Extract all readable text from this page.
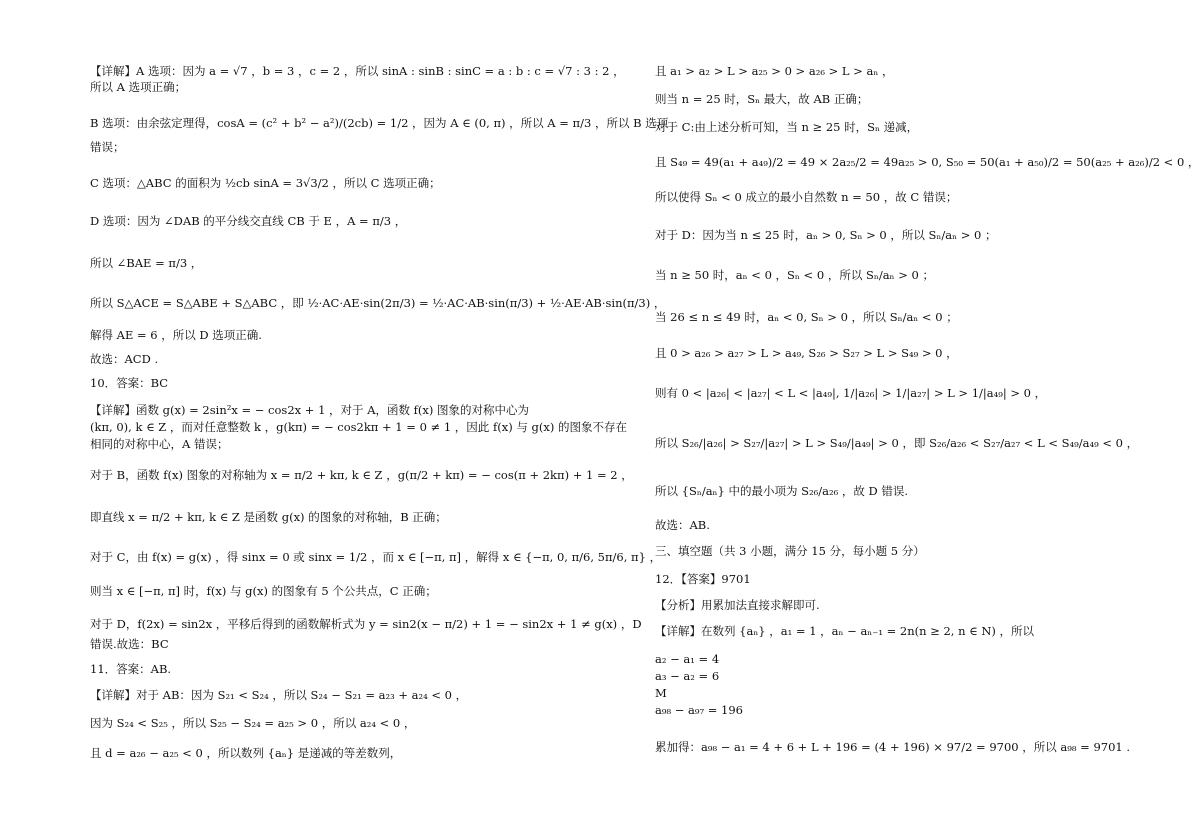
【详解】A 选项：因为 a = √7 ，b = 3 ，c = 2 ，所以 sinA : sinB : sinC = a : b : c = √7 : 3 : 2 ，
所以 A 选项正确；
B 选项：由余弦定理得，cosA = (c² + b² − a²)/(2cb) = 1/2 ，因为 A ∈ (0, π) ，所以 A = π/3 ，所以 B 选项
错误；
C 选项：△ABC 的面积为 ½cb sinA = 3√3/2 ，所以 C 选项正确；
D 选项：因为 ∠DAB 的平分线交直线 CB 于 E ，A = π/3 ，
所以 ∠BAE = π/3 ，
所以 S△ACE = S△ABE + S△ABC ，即 ½·AC·AE·sin(2π/3) = ½·AC·AB·sin(π/3) + ½·AE·AB·sin(π/3) ，
解得 AE = 6 ，所以 D 选项正确.
故选：ACD .
10．答案：BC
【详解】函数 g(x) = 2sin²x = − cos2x + 1 ，对于 A，函数 f(x) 图象的对称中心为
(kπ, 0), k ∈ Z ，而对任意整数 k ，g(kπ) = − cos2kπ + 1 = 0 ≠ 1 ，因此 f(x) 与 g(x) 的图象不存在
相同的对称中心，A 错误；
对于 B，函数 f(x) 图象的对称轴为 x = π/2 + kπ, k ∈ Z ，g(π/2 + kπ) = − cos(π + 2kπ) + 1 = 2 ，
即直线 x = π/2 + kπ, k ∈ Z 是函数 g(x) 的图象的对称轴，B 正确；
对于 C，由 f(x) = g(x) ，得 sinx = 0 或 sinx = 1/2 ，而 x ∈ [−π, π] ，解得 x ∈ {−π, 0, π/6, 5π/6, π} ，
则当 x ∈ [−π, π] 时，f(x) 与 g(x) 的图象有 5 个公共点，C 正确；
对于 D，f(2x) = sin2x ，平移后得到的函数解析式为 y = sin2(x − π/2) + 1 = − sin2x + 1 ≠ g(x) ，D
错误.故选：BC
11．答案：AB.
【详解】对于 AB：因为 S₂₁ < S₂₄ ，所以 S₂₄ − S₂₁ = a₂₃ + a₂₄ < 0 ，
因为 S₂₄ < S₂₅ ，所以 S₂₅ − S₂₄ = a₂₅ > 0 ，所以 a₂₄ < 0 ，
且 d = a₂₆ − a₂₅ < 0 ，所以数列 {aₙ} 是递减的等差数列，
且 a₁ > a₂ > L > a₂₅ > 0 > a₂₆ > L > aₙ ，
则当 n = 25 时，Sₙ 最大，故 AB 正确；
对于 C:由上述分析可知，当 n ≥ 25 时，Sₙ 递减，
且 S₄₉ = 49(a₁ + a₄₉)/2 = 49 × 2a₂₅/2 = 49a₂₅ > 0, S₅₀ = 50(a₁ + a₅₀)/2 = 50(a₂₅ + a₂₆)/2 < 0 ，
所以使得 Sₙ < 0 成立的最小自然数 n = 50 ，故 C 错误；
对于 D：因为当 n ≤ 25 时，aₙ > 0, Sₙ > 0 ，所以 Sₙ/aₙ > 0 ；
当 n ≥ 50 时，aₙ < 0 ，Sₙ < 0 ，所以 Sₙ/aₙ > 0 ；
当 26 ≤ n ≤ 49 时，aₙ < 0, Sₙ > 0 ，所以 Sₙ/aₙ < 0 ；
且 0 > a₂₆ > a₂₇ > L > a₄₉, S₂₆ > S₂₇ > L > S₄₉ > 0 ，
则有 0 < |a₂₆| < |a₂₇| < L < |a₄₉|, 1/|a₂₆| > 1/|a₂₇| > L > 1/|a₄₉| > 0 ，
所以 S₂₆/|a₂₆| > S₂₇/|a₂₇| > L > S₄₉/|a₄₉| > 0 ，即 S₂₆/a₂₆ < S₂₇/a₂₇ < L < S₄₉/a₄₉ < 0 ，
所以 {Sₙ/aₙ} 中的最小项为 S₂₆/a₂₆ ，故 D 错误.
故选：AB.
三、填空题（共 3 小题，满分 15 分，每小题 5 分）
12．【答案】9701
【分析】用累加法直接求解即可.
【详解】在数列 {aₙ} ，a₁ = 1 ，aₙ − aₙ₋₁ = 2n(n ≥ 2, n ∈ N) ，所以
a₂ − a₁ = 4
a₃ − a₂ = 6
M
a₉₈ − a₉₇ = 196
累加得：a₉₈ − a₁ = 4 + 6 + L + 196 = (4 + 196) × 97/2 = 9700 ，所以 a₉₈ = 9701 .
